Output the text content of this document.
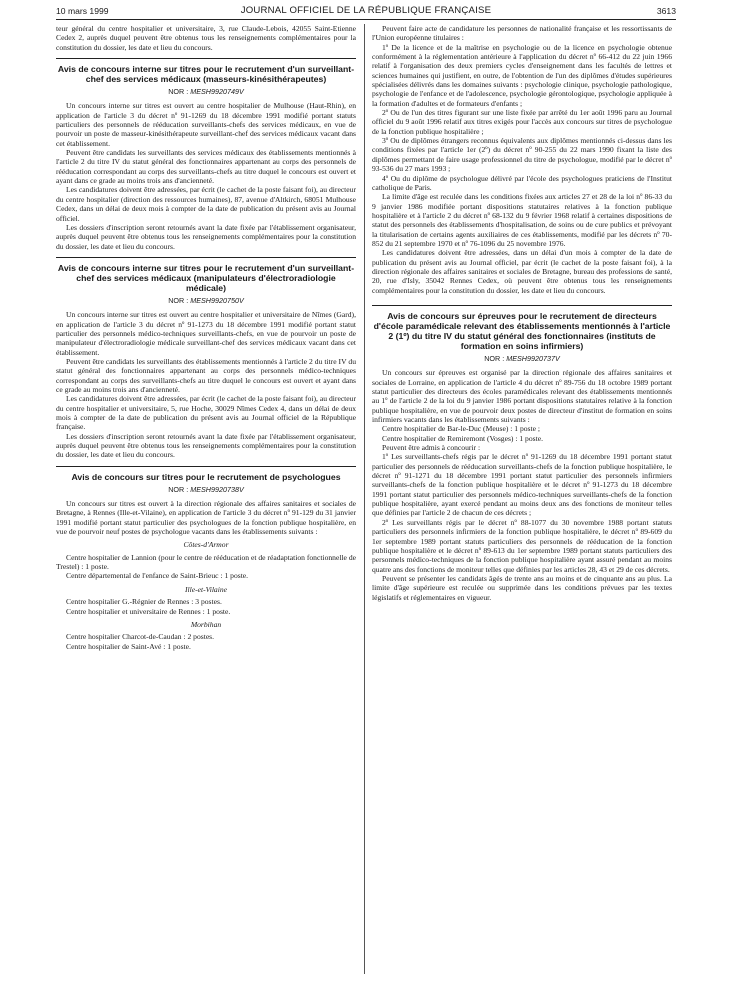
10 mars 1999	JOURNAL OFFICIEL DE LA RÉPUBLIQUE FRANÇAISE	3613

teur général du centre hospitalier et universitaire, 3, rue Claude-Lebois, 42055 Saint-Etienne Cedex 2, auprès duquel peuvent être obtenus tous les renseignements complémentaires pour la constitution du dossier, les date et lieu du concours.

Avis de concours interne sur titres pour le recrutement d'un surveillant-chef des services médicaux (masseurs-kinésithérapeutes)
NOR : MESH9920749V

Un concours interne sur titres est ouvert au centre hospitalier de Mulhouse (Haut-Rhin), en application de l'article 3 du décret nº 91-1269 du 18 décembre 1991 modifié portant statuts particuliers des personnels de rééducation surveillants-chefs des services médicaux, en vue de pourvoir un poste de masseur-kinésithérapeute surveillant-chef des services médicaux vacant dans cet établissement.

Peuvent être candidats les surveillants des services médicaux des établissements mentionnés à l'article 2 du titre IV du statut général des fonctionnaires appartenant au corps des personnels de rééducation correspondant au corps des surveillants-chefs au titre duquel le concours est ouvert et ayant dans ce grade au moins trois ans d'ancienneté.

Les candidatures doivent être adressées, par écrit (le cachet de la poste faisant foi), au directeur du centre hospitalier (direction des ressources humaines), 87, avenue d'Altkirch, 68051 Mulhouse Cedex, dans un délai de deux mois à compter de la date de publication du présent avis au Journal officiel.

Les dossiers d'inscription seront retournés avant la date fixée par l'établissement organisateur, auprès duquel peuvent être obtenus tous les renseignements complémentaires pour la constitution du dossier, les date et lieu du concours.

Avis de concours interne sur titres pour le recrutement d'un surveillant-chef des services médicaux (manipulateurs d'électroradiologie médicale)
NOR : MESH9920750V

Un concours interne sur titres est ouvert au centre hospitalier et universitaire de Nîmes (Gard), en application de l'article 3 du décret nº 91-1273 du 18 décembre 1991 modifié portant statut particulier des personnels médico-techniques surveillants-chefs, en vue de pourvoir un poste de manipulateur d'électroradiologie médicale surveillant-chef des services médicaux vacant dans cet établissement.

Peuvent être candidats les surveillants des établissements mentionnés à l'article 2 du titre IV du statut général des fonctionnaires appartenant au corps des personnels médico-techniques correspondant au corps des surveillants-chefs au titre duquel le concours est ouvert et ayant dans ce grade au moins trois ans d'ancienneté.

Les candidatures doivent être adressées, par écrit (le cachet de la poste faisant foi), au directeur du centre hospitalier et universitaire, 5, rue Hoche, 30029 Nîmes Cedex 4, dans un délai de deux mois à compter de la date de publication du présent avis au Journal officiel de la République française.

Les dossiers d'inscription seront retournés avant la date fixée par l'établissement organisateur, auprès duquel peuvent être obtenus tous les renseignements complémentaires pour la constitution du dossier, les date et lieu du concours.

Avis de concours sur titres pour le recrutement de psychologues
NOR : MESH9920738V

Un concours sur titres est ouvert à la direction régionale des affaires sanitaires et sociales de Bretagne, à Rennes (Ille-et-Vilaine), en application de l'article 3 du décret nº 91-129 du 31 janvier 1991 modifié portant statut particulier des psychologues de la fonction publique hospitalière, en vue de pourvoir neuf postes de psychologue vacants dans les établissements suivants :

Côtes-d'Armor

Centre hospitalier de Lannion (pour le centre de rééducation et de réadaptation fonctionnelle de Trestel) : 1 poste.

Centre départemental de l'enfance de Saint-Brieuc : 1 poste.

Ille-et-Vilaine

Centre hospitalier G.-Régnier de Rennes : 3 postes.

Centre hospitalier et universitaire de Rennes : 1 poste.

Morbihan

Centre hospitalier Charcot-de-Caudan : 2 postes.

Centre hospitalier de Saint-Avé : 1 poste.

Peuvent faire acte de candidature les personnes de nationalité française et les ressortissants de l'Union européenne titulaires :

1º De la licence et de la maîtrise en psychologie ou de la licence en psychologie obtenue conformément à la réglementation antérieure à l'application du décret nº 66-412 du 22 juin 1966 relatif à l'organisation des deux premiers cycles d'enseignement dans les facultés de lettres et sciences humaines qui justifient, en outre, de l'obtention de l'un des diplômes d'études supérieures spécialisées délivrés dans les domaines suivants : psychologie clinique, psychologie pathologique, psychologie de l'enfance et de l'adolescence, psychologie gérontologique, psychologie appliquée à la formation d'adultes et de formateurs d'enfants ;

2º Ou de l'un des titres figurant sur une liste fixée par arrêté du 1er août 1996 paru au Journal officiel du 9 août 1996 relatif aux titres exigés pour l'accès aux concours sur titres de psychologue de la fonction publique hospitalière ;

3º Ou de diplômes étrangers reconnus équivalents aux diplômes mentionnés ci-dessus dans les conditions fixées par l'article 1er (2º) du décret nº 90-255 du 22 mars 1990 fixant la liste des diplômes permettant de faire usage professionnel du titre de psychologue, modifié par le décret nº 93-536 du 27 mars 1993 ;

4º Ou du diplôme de psychologue délivré par l'école des psychologues praticiens de l'Institut catholique de Paris.

La limite d'âge est reculée dans les conditions fixées aux articles 27 et 28 de la loi nº 86-33 du 9 janvier 1986 modifiée portant dispositions statutaires relatives à la fonction publique hospitalière et à l'article 2 du décret nº 68-132 du 9 février 1968 relatif à certaines dispositions de statut des personnels des établissements d'hospitalisation, de soins ou de cure publics et prévoyant la titularisation de certains agents auxiliaires de ces établissements, modifié par les décrets nº 70-852 du 21 septembre 1970 et nº 76-1096 du 25 novembre 1976.

Les candidatures doivent être adressées, dans un délai d'un mois à compter de la date de publication du présent avis au Journal officiel, par écrit (le cachet de la poste faisant foi), à la direction régionale des affaires sanitaires et sociales de Bretagne, bureau des professions de santé, 20, rue d'Isly, 35042 Rennes Cedex, où peuvent être obtenus tous les renseignements complémentaires pour la constitution du dossier, les date et lieu du concours.

Avis de concours sur épreuves pour le recrutement de directeurs d'école paramédicale relevant des établissements mentionnés à l'article 2 (1º) du titre IV du statut général des fonctionnaires (instituts de formation en soins infirmiers)
NOR : MESH9920737V

Un concours sur épreuves est organisé par la direction régionale des affaires sanitaires et sociales de Lorraine, en application de l'article 4 du décret nº 89-756 du 18 octobre 1989 portant statut particulier des directeurs des écoles paramédicales relevant des établissements mentionnés au 1º de l'article 2 de la loi du 9 janvier 1986 portant dispositions statutaires relative à la fonction publique hospitalière, en vue de pourvoir deux postes de directeur d'institut de formation en soins infirmiers vacants dans les établissements suivants :

Centre hospitalier de Bar-le-Duc (Meuse) : 1 poste ;

Centre hospitalier de Remiremont (Vosges) : 1 poste.

Peuvent être admis à concourir :

1º Les surveillants-chefs régis par le décret nº 91-1269 du 18 décembre 1991 portant statut particulier des personnels de rééducation surveillants-chefs de la fonction publique hospitalière, le décret nº 91-1271 du 18 décembre 1991 portant statut particulier des personnels infirmiers surveillants-chefs de la fonction publique hospitalière et le décret nº 91-1273 du 18 décembre 1991 portant statut particulier des personnels médico-techniques surveillants-chefs de la fonction publique hospitalière, ayant exercé pendant au moins deux ans des fonctions de moniteur telles que définies par l'article 2 de chacun de ces décrets ;

2º Les surveillants régis par le décret nº 88-1077 du 30 novembre 1988 portant statuts particuliers des personnels infirmiers de la fonction publique hospitalière, le décret nº 89-609 du 1er septembre 1989 portant statuts particuliers des personnels de rééducation de la fonction publique hospitalière et le décret nº 89-613 du 1er septembre 1989 portant statuts particuliers des personnels médico-techniques de la fonction publique hospitalière ayant assuré pendant au moins quatre ans des fonctions de moniteur telles que définies par les articles 28, 43 et 29 de ces décrets.

Peuvent se présenter les candidats âgés de trente ans au moins et de cinquante ans au plus. La limite d'âge supérieure est reculée ou supprimée dans les conditions prévues par les textes législatifs et réglementaires en vigueur.
